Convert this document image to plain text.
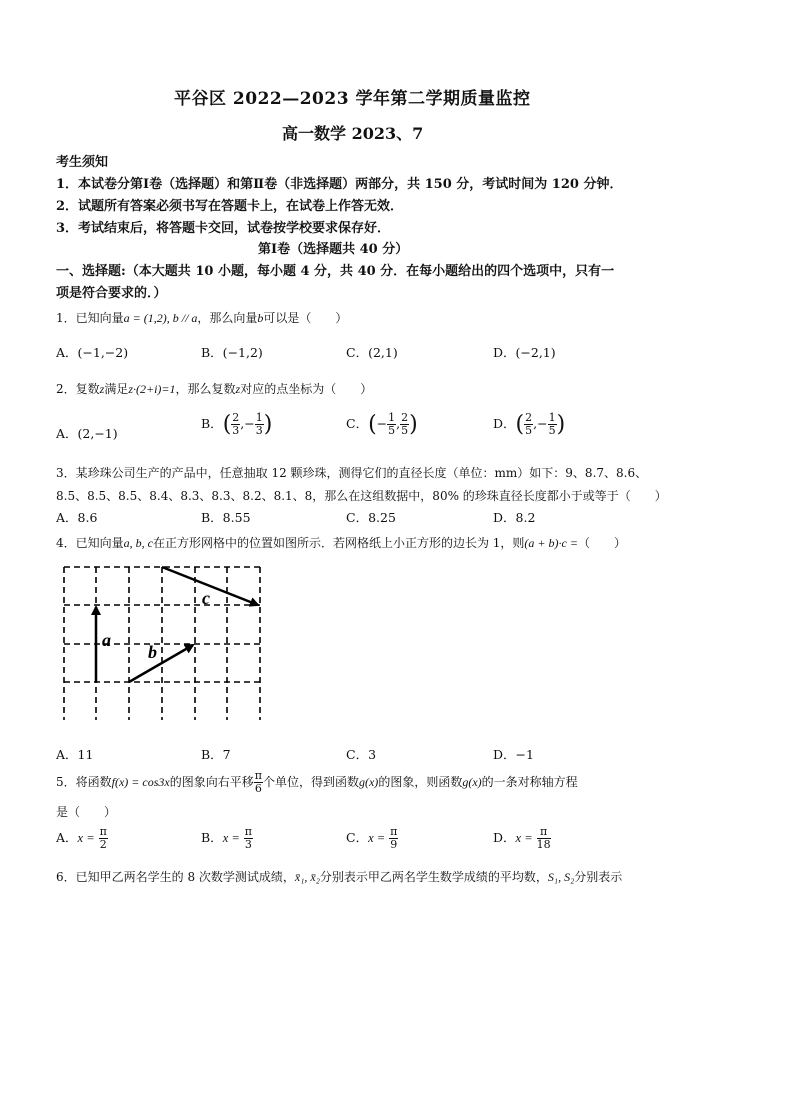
平谷区 2022—2023 学年第二学期质量监控
高一数学 2023、7
考生须知
1．本试卷分第Ⅰ卷（选择题）和第Ⅱ卷（非选择题）两部分，共 150 分，考试时间为 120 分钟．
2．试题所有答案必须书写在答题卡上，在试卷上作答无效．
3．考试结束后，将答题卡交回，试卷按学校要求保存好．
第Ⅰ卷（选择题共 40 分）
一、选择题:（本大题共 10 小题，每小题 4 分，共 40 分．在每小题给出的四个选项中，只有一
项是符合要求的．）
1．已知向量a = (1,2), b // a，那么向量b可以是（　　）
A．(−1,−2)	B．(−1,2)	C．(2,1)	D．(−2,1)
2．复数z满足z·(2+i)=1，那么复数z对应的点坐标为（　　）
A．(2,−1)
B．( $\frac{2}{3}$ ,− $\frac{1}{3}$ )	C．(− $\frac{1}{5}$ , $\frac{2}{5}$ )	D．( $\frac{2}{5}$ ,− $\frac{1}{5}$ )
3．某珍珠公司生产的产品中，任意抽取 12 颗珍珠，测得它们的直径长度（单位：mm）如下：9、8.7、8.6、
8.5、8.5、8.5、8.4、8.3、8.3、8.2、8.1、8，那么在这组数据中，80% 的珍珠直径长度都小于或等于（　　）
A．8.6	B．8.55	C．8.25	D．8.2
4．已知向量a, b, c在正方形网格中的位置如图所示．若网格纸上小正方形的边长为 1，则(a + b)·c =（　　）
a
b
c
A．11	B．7	C．3	D．−1
5．将函数f(x) = cos3x的图象向右平移 $\frac{\pi}{6}$ 个单位，得到函数g(x)的图象，则函数g(x)的一条对称轴方程
是（　　）
A．$x = \frac{\pi}{2}$	B．$x = \frac{\pi}{3}$	C．$x = \frac{\pi}{9}$	D．$x = \frac{\pi}{18}$
6．已知甲乙两名学生的 8 次数学测试成绩，x̄₁, x̄₂分别表示甲乙两名学生数学成绩的平均数，S₁, S₂分别表示
